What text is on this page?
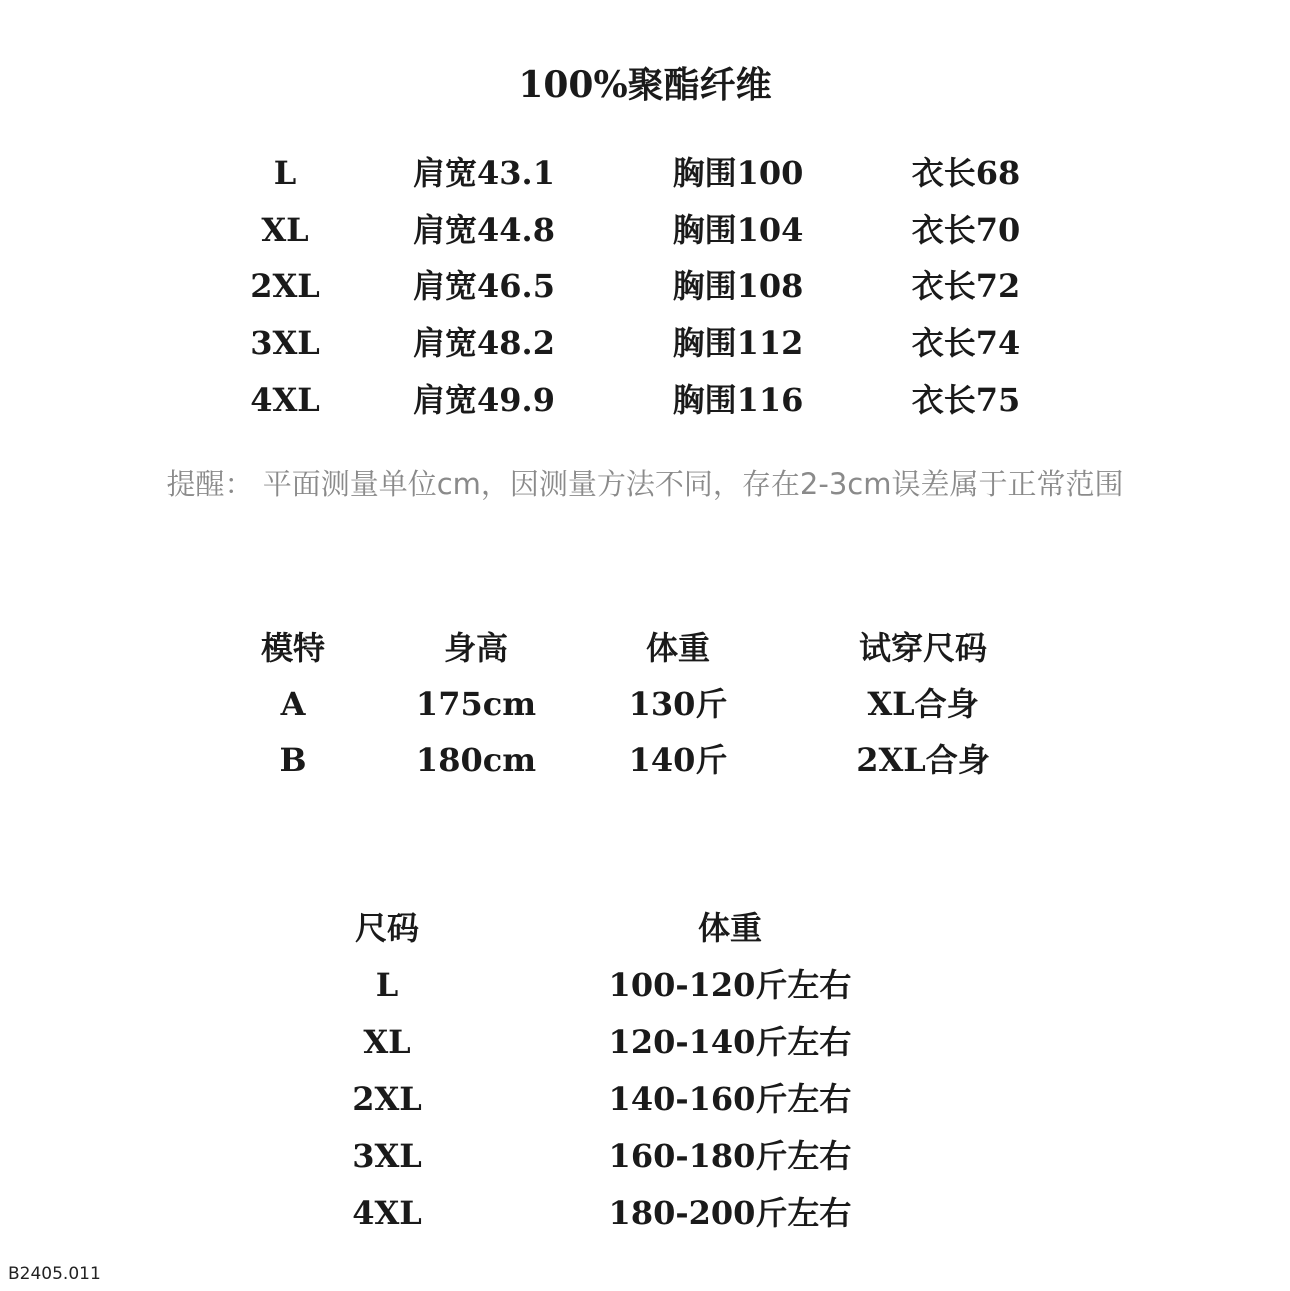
100%聚酯纤维
L	肩宽43.1	胸围100	衣长68
XL	肩宽44.8	胸围104	衣长70
2XL	肩宽46.5	胸围108	衣长72
3XL	肩宽48.2	胸围112	衣长74
4XL	肩宽49.9	胸围116	衣长75
提醒： 平面测量单位cm，因测量方法不同，存在2-3cm误差属于正常范围
模特	身高	体重	试穿尺码
A	175cm	130斤	XL合身
B	180cm	140斤	2XL合身
尺码	体重
L	100-120斤左右
XL	120-140斤左右
2XL	140-160斤左右
3XL	160-180斤左右
4XL	180-200斤左右
B2405.011
